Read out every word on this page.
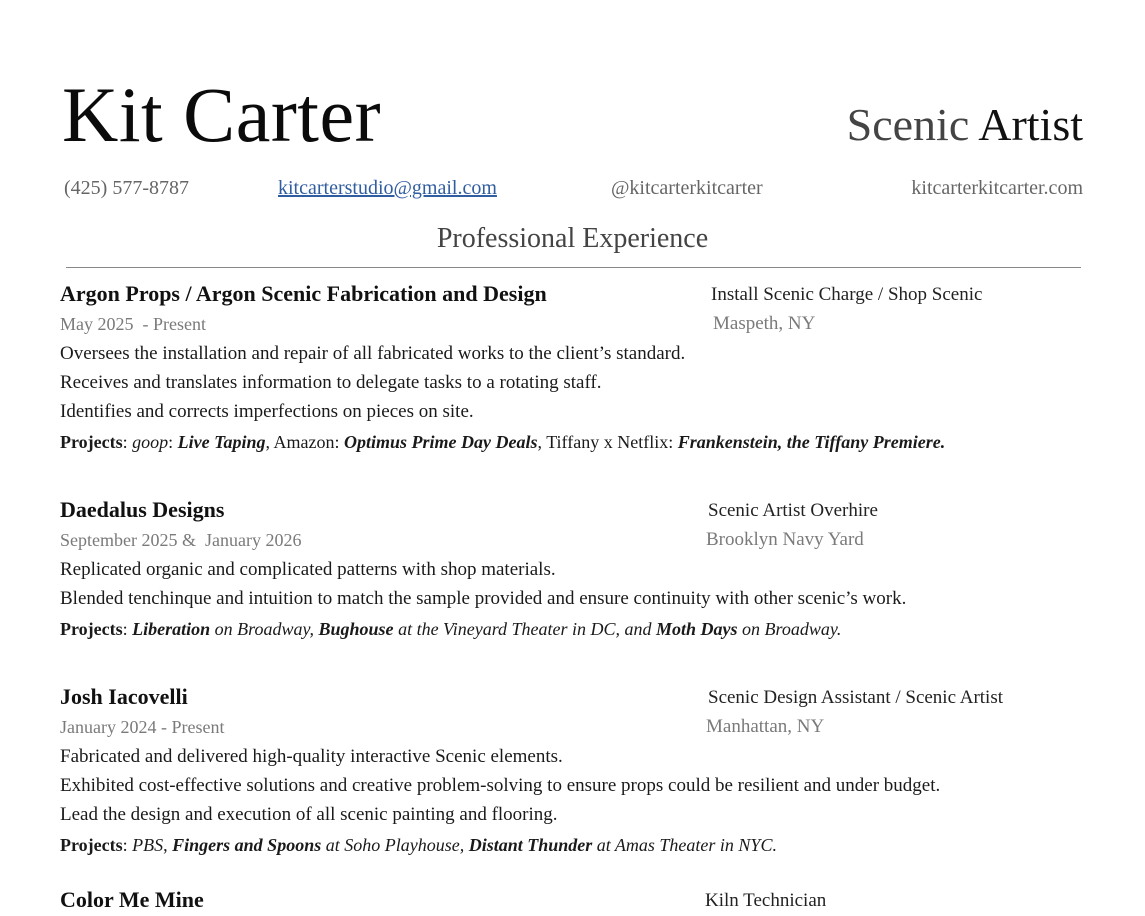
Kit Carter	Scenic Artist
(425) 577-8787	kitcarterstudio@gmail.com	@kitcarterkitcarter	kitcarterkitcarter.com
Professional Experience
Argon Props / Argon Scenic Fabrication and Design	Install Scenic Charge / Shop Scenic
May 2025  - Present	Maspeth, NY
Oversees the installation and repair of all fabricated works to the client’s standard.
Receives and translates information to delegate tasks to a rotating staff.
Identifies and corrects imperfections on pieces on site.
Projects: goop: Live Taping, Amazon: Optimus Prime Day Deals, Tiffany x Netflix: Frankenstein, the Tiffany Premiere.
Daedalus Designs	Scenic Artist Overhire
September 2025 &  January 2026	Brooklyn Navy Yard
Replicated organic and complicated patterns with shop materials.
Blended tenchinque and intuition to match the sample provided and ensure continuity with other scenic’s work.
Projects: Liberation on Broadway, Bughouse at the Vineyard Theater in DC, and Moth Days on Broadway.
Josh Iacovelli	Scenic Design Assistant / Scenic Artist
January 2024 - Present	Manhattan, NY
Fabricated and delivered high-quality interactive Scenic elements.
Exhibited cost-effective solutions and creative problem-solving to ensure props could be resilient and under budget.
Lead the design and execution of all scenic painting and flooring.
Projects: PBS, Fingers and Spoons at Soho Playhouse, Distant Thunder at Amas Theater in NYC.
Color Me Mine	Kiln Technician
